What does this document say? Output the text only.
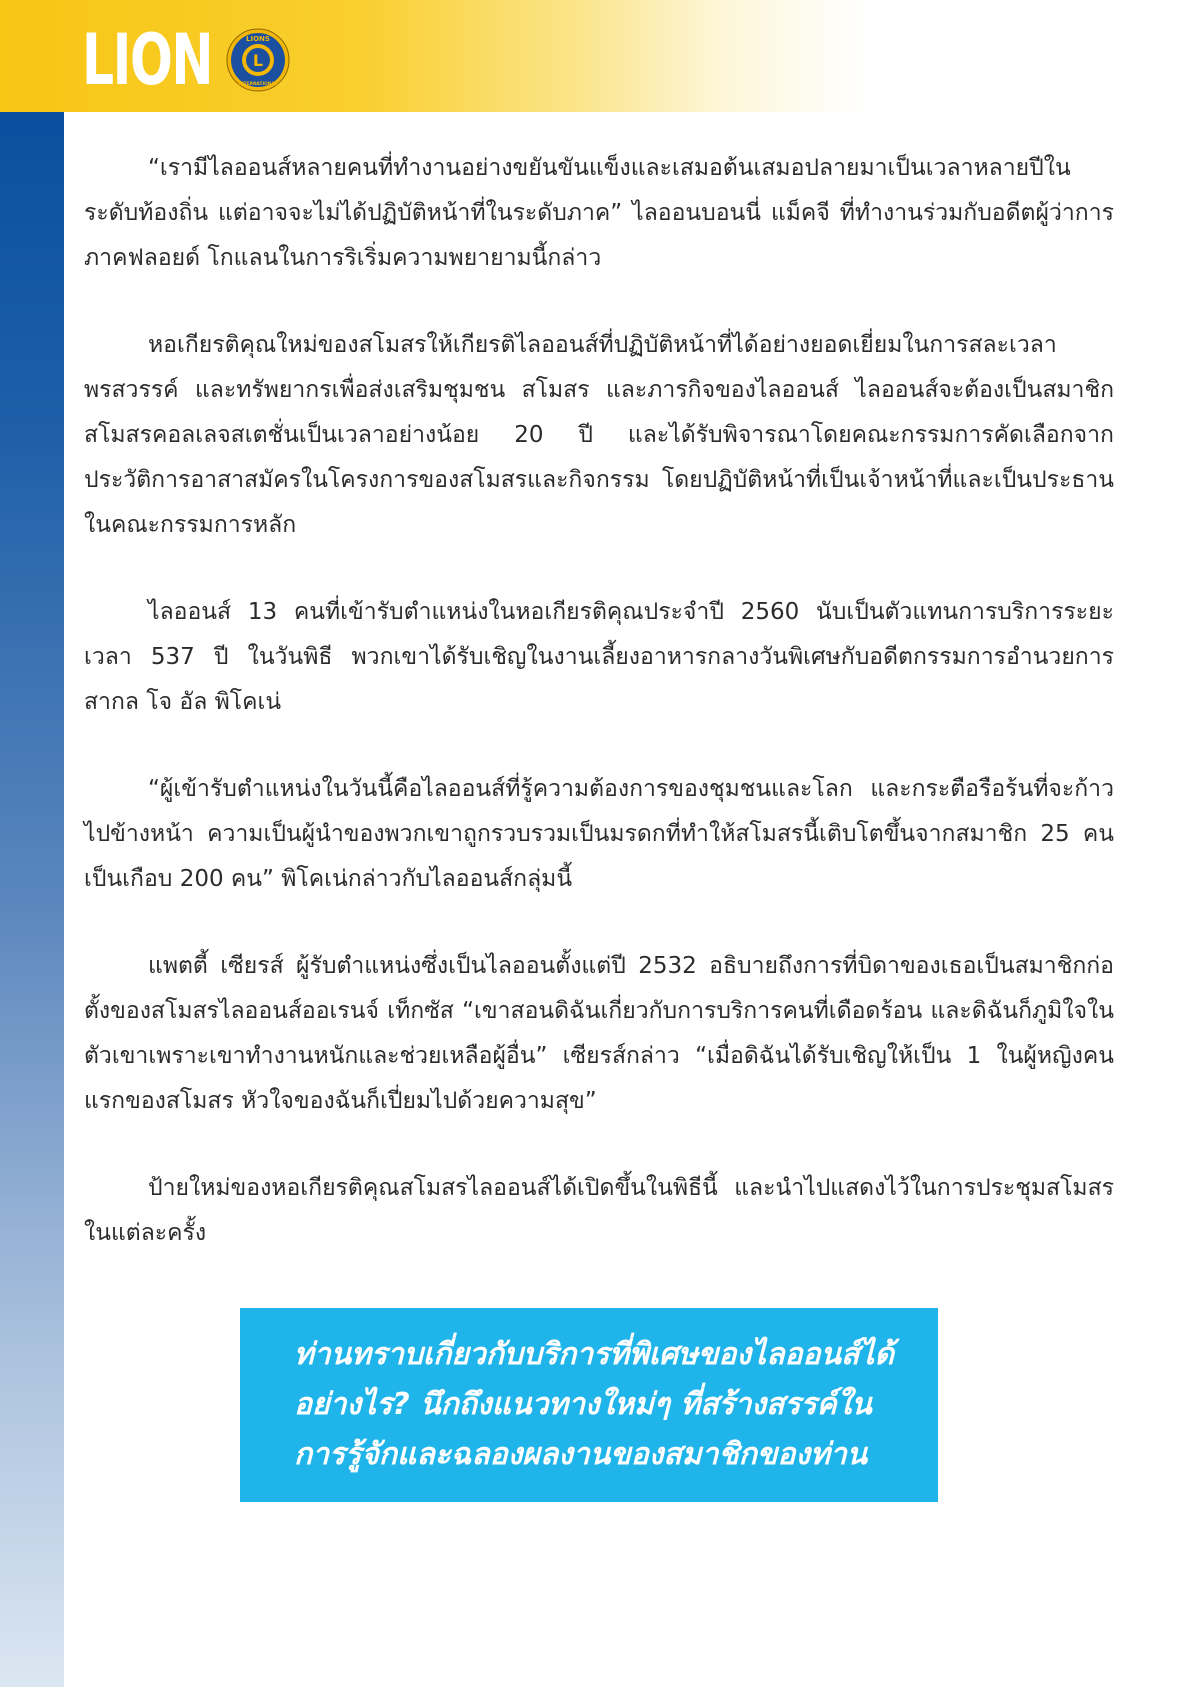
LION	L
LIONS
INTERNATIONAL

“เรามีไลออนส์หลายคนที่ทำงานอย่างขยันขันแข็งและเสมอต้นเสมอปลายมาเป็นเวลาหลายปีในระดับท้องถิ่น แต่อาจจะไม่ได้ปฏิบัติหน้าที่ในระดับภาค” ไลออนบอนนี่ แม็คจี ที่ทำงานร่วมกับอดีตผู้ว่าการภาคฟลอยด์ โกแลนในการริเริ่มความพยายามนี้กล่าว

หอเกียรติคุณใหม่ของสโมสรให้เกียรติไลออนส์ที่ปฏิบัติหน้าที่ได้อย่างยอดเยี่ยมในการสละเวลา พรสวรรค์ และทรัพยากรเพื่อส่งเสริมชุมชน สโมสร และภารกิจของไลออนส์ ไลออนส์จะต้องเป็นสมาชิกสโมสรคอลเลจสเตชั่นเป็นเวลาอย่างน้อย 20 ปี และได้รับพิจารณาโดยคณะกรรมการคัดเลือกจากประวัติการอาสาสมัครในโครงการของสโมสรและกิจกรรม โดยปฏิบัติหน้าที่เป็นเจ้าหน้าที่และเป็นประธานในคณะกรรมการหลัก

ไลออนส์ 13 คนที่เข้ารับตำแหน่งในหอเกียรติคุณประจำปี 2560 นับเป็นตัวแทนการบริการระยะเวลา 537 ปี ในวันพิธี พวกเขาได้รับเชิญในงานเลี้ยงอาหารกลางวันพิเศษกับอดีตกรรมการอำนวยการสากล โจ อัล พิโคเน่

“ผู้เข้ารับตำแหน่งในวันนี้คือไลออนส์ที่รู้ความต้องการของชุมชนและโลก และกระตือรือร้นที่จะก้าวไปข้างหน้า ความเป็นผู้นำของพวกเขาถูกรวบรวมเป็นมรดกที่ทำให้สโมสรนี้เติบโตขึ้นจากสมาชิก 25 คน เป็นเกือบ 200 คน” พิโคเน่กล่าวกับไลออนส์กลุ่มนี้

แพตตี้ เซียรส์ ผู้รับตำแหน่งซึ่งเป็นไลออนตั้งแต่ปี 2532 อธิบายถึงการที่บิดาของเธอเป็นสมาชิกก่อตั้งของสโมสรไลออนส์ออเรนจ์ เท็กซัส “เขาสอนดิฉันเกี่ยวกับการบริการคนที่เดือดร้อน และดิฉันก็ภูมิใจในตัวเขาเพราะเขาทำงานหนักและช่วยเหลือผู้อื่น” เซียรส์กล่าว “เมื่อดิฉันได้รับเชิญให้เป็น 1 ในผู้หญิงคนแรกของสโมสร หัวใจของฉันก็เปี่ยมไปด้วยความสุข”

ป้ายใหม่ของหอเกียรติคุณสโมสรไลออนส์ได้เปิดขึ้นในพิธีนี้ และนำไปแสดงไว้ในการประชุมสโมสรในแต่ละครั้ง

ท่านทราบเกี่ยวกับบริการที่พิเศษของไลออนส์ได้

อย่างไร? นึกถึงแนวทางใหม่ๆ ที่สร้างสรรค์ใน

การรู้จักและฉลองผลงานของสมาชิกของท่าน
